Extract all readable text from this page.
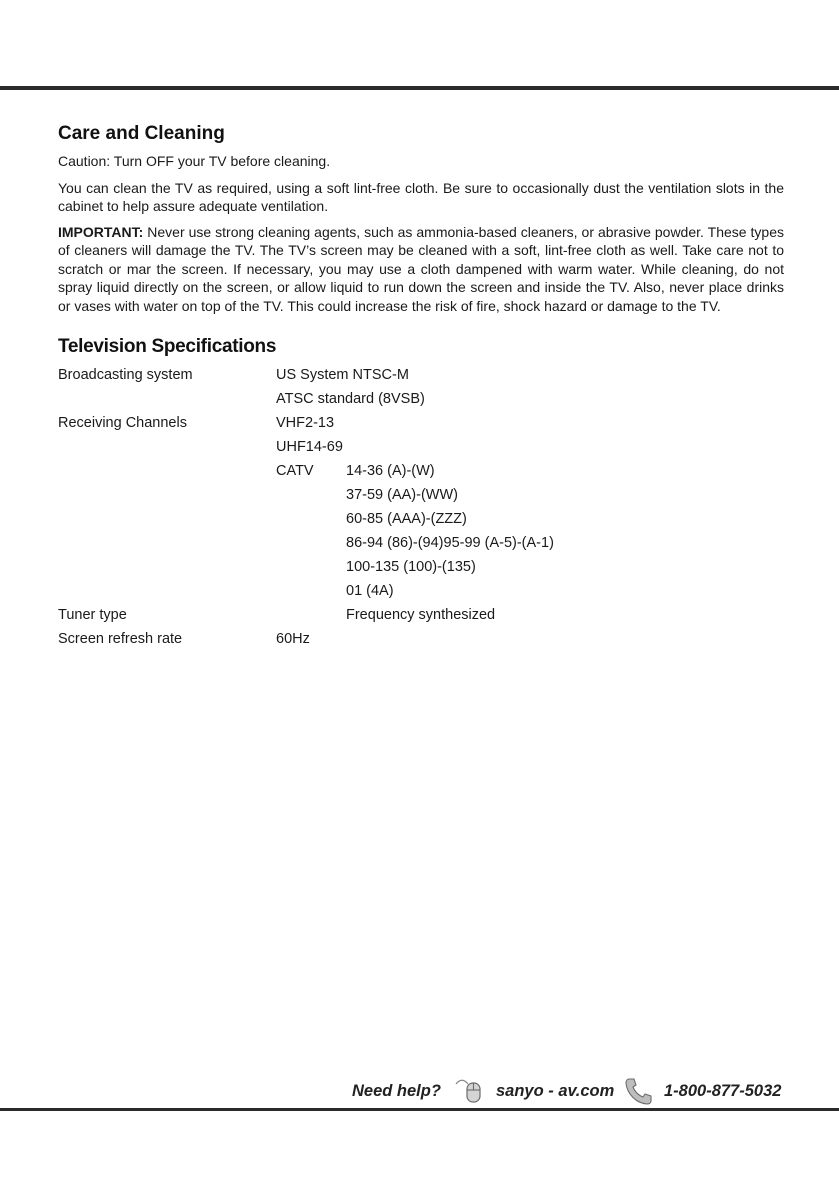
Care and Cleaning

Caution: Turn OFF your TV before cleaning.

You can clean the TV as required, using a soft lint-free cloth. Be sure to occasionally dust the ventilation slots in the cabinet to help assure adequate ventilation.

IMPORTANT: Never use strong cleaning agents, such as ammonia-based cleaners, or abrasive powder. These types of cleaners will damage the TV. The TV’s screen may be cleaned with a soft, lint-free cloth as well. Take care not to scratch or mar the screen. If necessary, you may use a cloth dampened with warm water. While cleaning, do not spray liquid directly on the screen, or allow liquid to run down the screen and inside the TV. Also, never place drinks or vases with water on top of the TV. This could increase the risk of fire, shock hazard or damage to the TV.

Television Specifications
Broadcasting system	US System NTSC-M
ATSC standard (8VSB)
Receiving Channels	VHF2-13
UHF14-69
CATV 14-36 (A)-(W)
37-59 (AA)-(WW)
60-85 (AAA)-(ZZZ)
86-94 (86)-(94)95-99 (A-5)-(A-1)
100-135 (100)-(135)
01 (4A)
Tuner type	Frequency synthesized
Screen refresh rate	60Hz
Need help?	sanyo - av.com	1-800-877-5032
